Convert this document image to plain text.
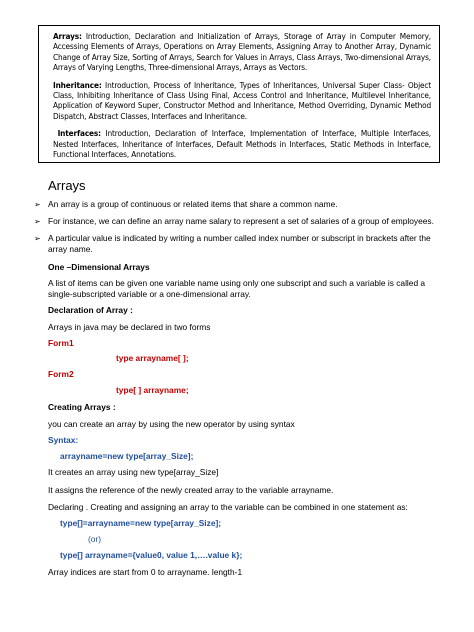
Arrays: Introduction, Declaration and Initialization of Arrays, Storage of Array in Computer Memory, Accessing Elements of Arrays, Operations on Array Elements, Assigning Array to Another Array, Dynamic Change of Array Size, Sorting of Arrays, Search for Values in Arrays, Class Arrays, Two-dimensional Arrays, Arrays of Varying Lengths, Three-dimensional Arrays, Arrays as Vectors.

Inheritance: Introduction, Process of Inheritance, Types of Inheritances, Universal Super Class- Object Class, Inhibiting Inheritance of Class Using Final, Access Control and Inheritance, Multilevel Inheritance, Application of Keyword Super, Constructor Method and Inheritance, Method Overriding, Dynamic Method Dispatch, Abstract Classes, Interfaces and Inheritance.

Interfaces: Introduction, Declaration of Interface, Implementation of Interface, Multiple Interfaces, Nested Interfaces, Inheritance of Interfaces, Default Methods in Interfaces, Static Methods in Interface, Functional Interfaces, Annotations.

Arrays
➢ An array is a group of continuous or related items that share a common name.
➢ For instance, we can define an array name salary to represent a set of salaries of a group of employees.
➢ A particular value is indicated by writing a number called index number or subscript in brackets after the array name.
One –Dimensional Arrays
A list of items can be given one variable name using only one subscript and such a variable is called a single-subscripted variable or a one-dimensional array.
Declaration of Array :
Arrays in java may be declared in two forms
Form1
type arrayname[ ];
Form2
type[ ] arrayname;
Creating Arrays :
you can create an array by using the new operator by using syntax
Syntax:
arrayname=new type[array_Size];
It creates an array using new type[array_Size]
It assigns the reference of the newly created array to the variable arrayname.
Declaring . Creating and assigning an array to the variable can be combined in one statement as:
type[]=arrayname=new type[array_Size];
(or)
type[] arrayname={value0, value 1,….value k};
Array indices are start from 0 to arrayname. length-1
